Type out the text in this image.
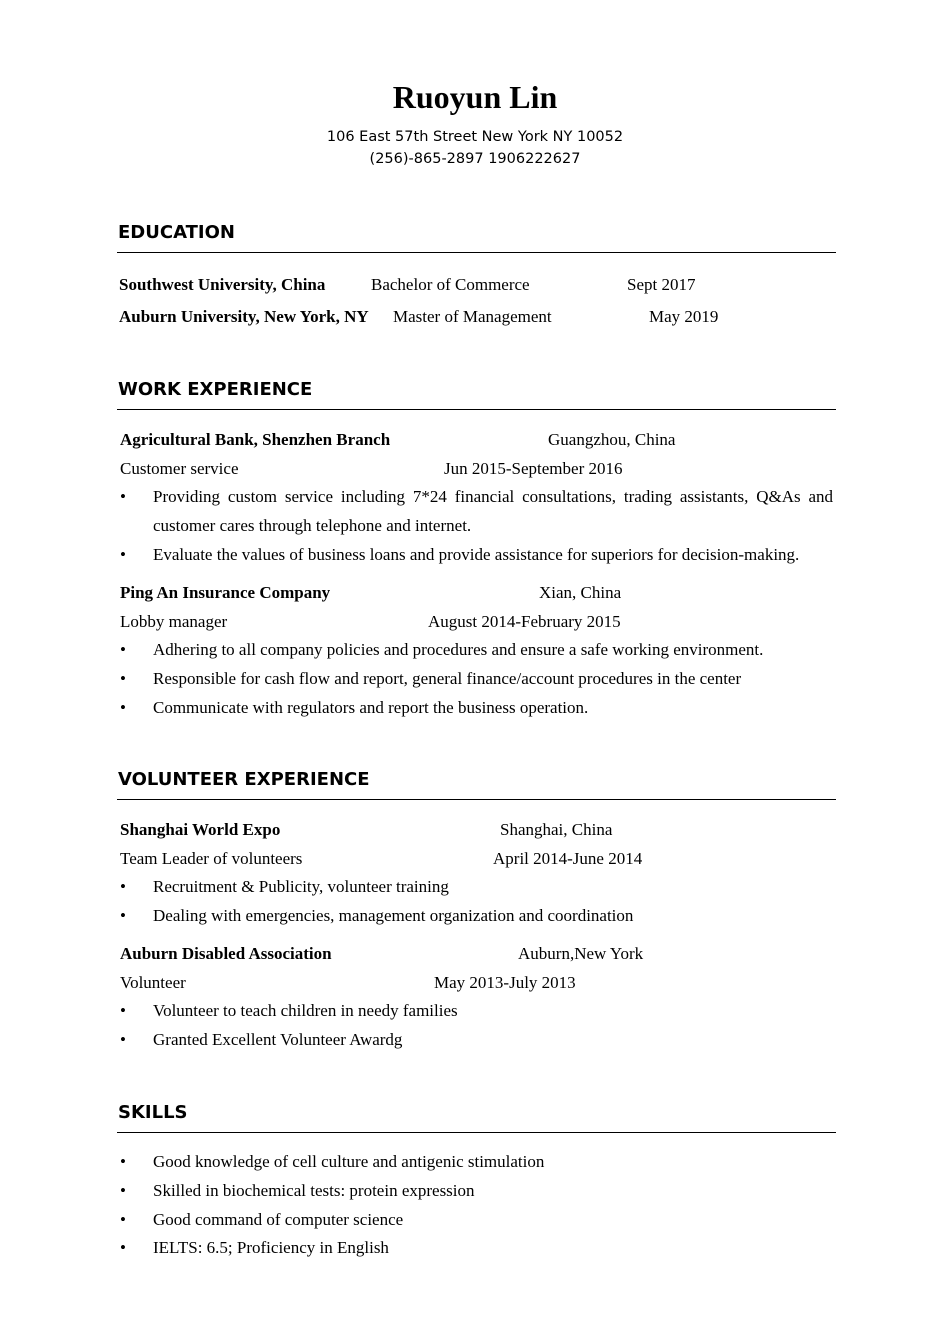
Ruoyun Lin
106 East 57th Street New York NY 10052
(256)-865-2897 1906222627
EDUCATION
Southwest University, China	Bachelor of Commerce	Sept 2017
Auburn University, New York, NY Master of Management	May 2019
WORK EXPERIENCE
Agricultural Bank, Shenzhen Branch	Guangzhou, China
Customer service	Jun 2015-September 2016
• Providing custom service including 7*24 financial consultations, trading assistants, Q&As and
customer cares through telephone and internet.
• Evaluate the values of business loans and provide assistance for superiors for decision-making.
Ping An Insurance Company	Xian, China
Lobby manager	August 2014-February 2015
• Adhering to all company policies and procedures and ensure a safe working environment.
• Responsible for cash flow and report, general finance/account procedures in the center
• Communicate with regulators and report the business operation.
VOLUNTEER EXPERIENCE
Shanghai World Expo	Shanghai, China
Team Leader of volunteers	April 2014-June 2014
• Recruitment & Publicity, volunteer training
• Dealing with emergencies, management organization and coordination
Auburn Disabled Association	Auburn,New York
Volunteer	May 2013-July 2013
• Volunteer to teach children in needy families
• Granted Excellent Volunteer Awardg
SKILLS
• Good knowledge of cell culture and antigenic stimulation
• Skilled in biochemical tests: protein expression
• Good command of computer science
• IELTS: 6.5; Proficiency in English
